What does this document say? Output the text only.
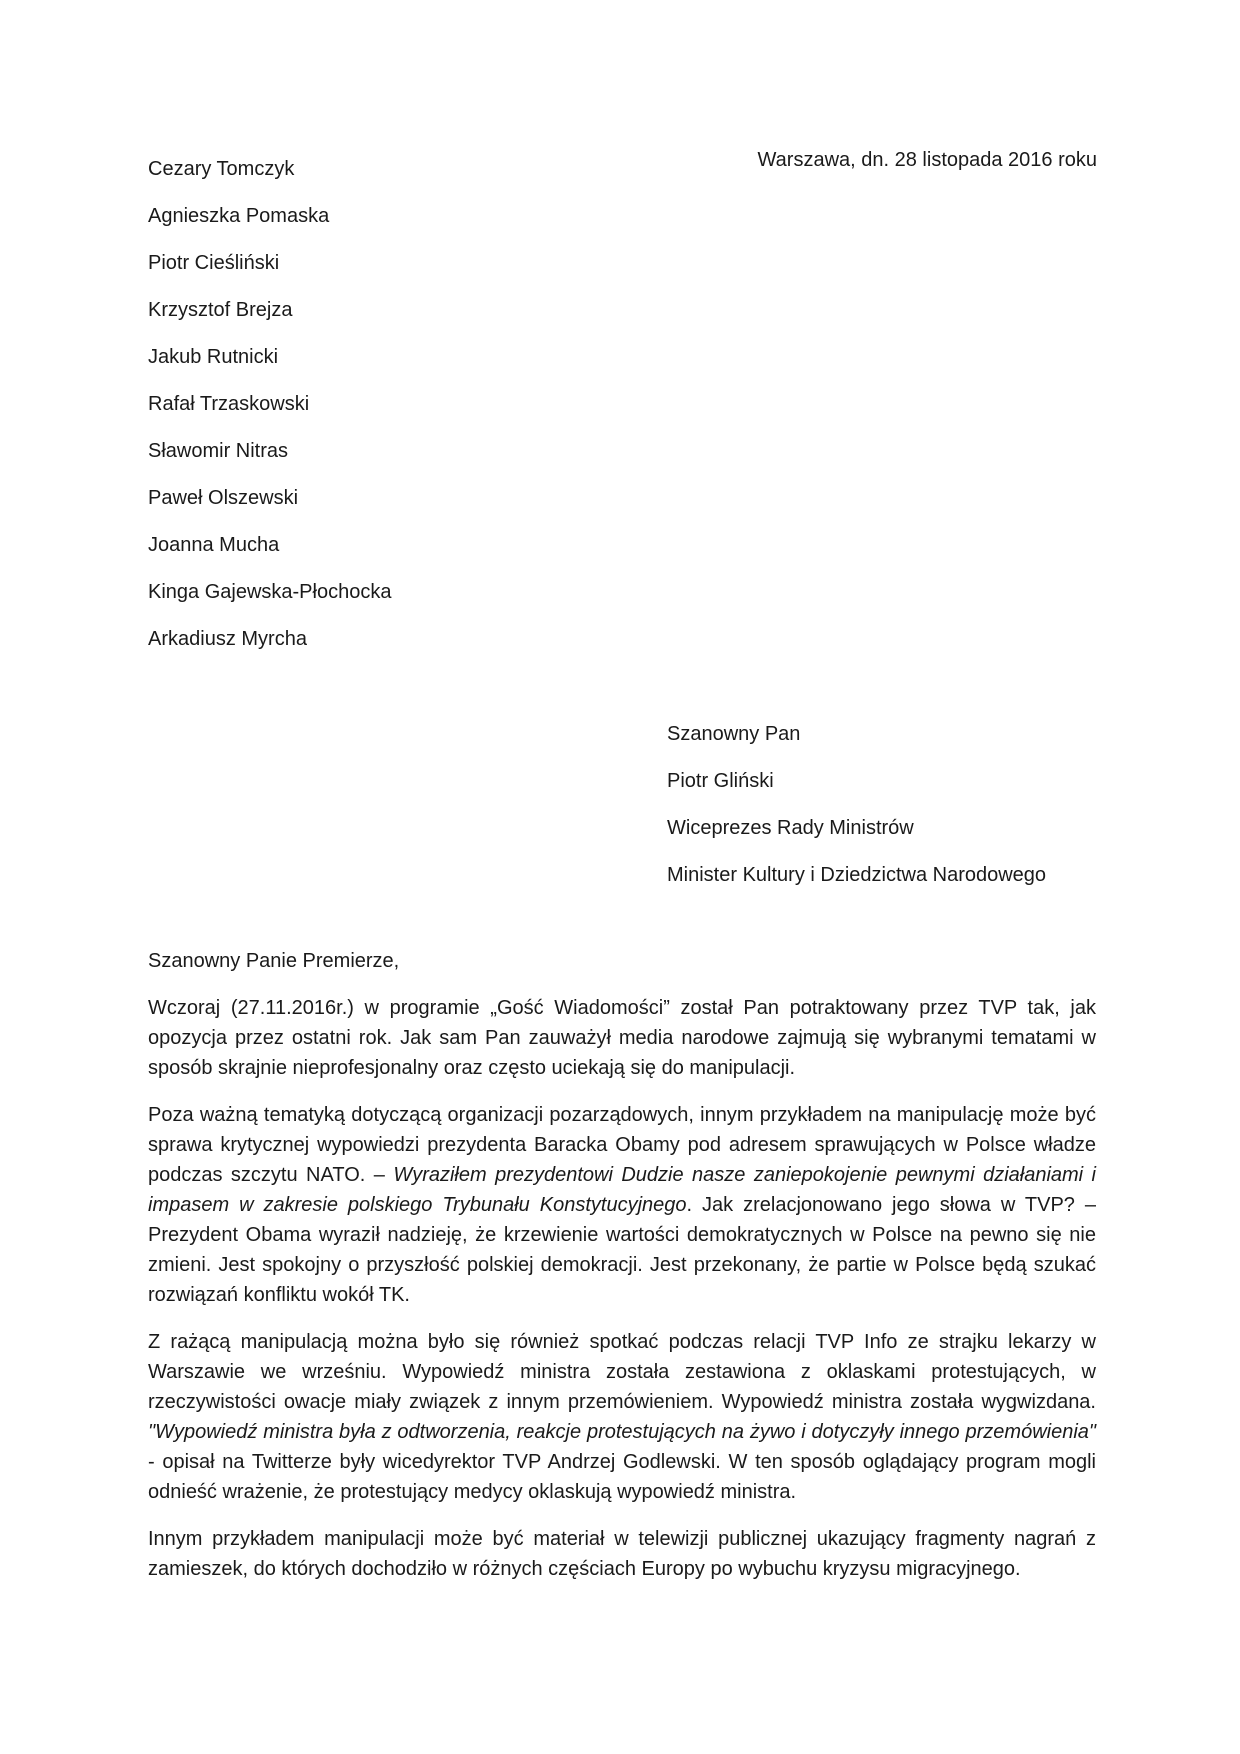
Cezary Tomczyk
Agnieszka Pomaska
Piotr Cieśliński
Krzysztof Brejza
Jakub Rutnicki
Rafał Trzaskowski
Sławomir Nitras
Paweł Olszewski
Joanna Mucha
Kinga Gajewska-Płochocka
Arkadiusz Myrcha
Warszawa, dn. 28 listopada 2016 roku
Szanowny Pan
Piotr Gliński
Wiceprezes Rady Ministrów
Minister Kultury i Dziedzictwa Narodowego
Szanowny Panie Premierze,

Wczoraj (27.11.2016r.) w programie „Gość Wiadomości” został Pan potraktowany przez TVP tak, jak opozycja przez ostatni rok. Jak sam Pan zauważył media narodowe zajmują się wybranymi tematami w sposób skrajnie nieprofesjonalny oraz często uciekają się do manipulacji.

Poza ważną tematyką dotyczącą organizacji pozarządowych, innym przykładem na manipulację może być sprawa krytycznej wypowiedzi prezydenta Baracka Obamy pod adresem sprawujących w Polsce władze podczas szczytu NATO. – Wyraziłem prezydentowi Dudzie nasze zaniepokojenie pewnymi działaniami i impasem w zakresie polskiego Trybunału Konstytucyjnego. Jak zrelacjonowano jego słowa w TVP? – Prezydent Obama wyraził nadzieję, że krzewienie wartości demokratycznych w Polsce na pewno się nie zmieni. Jest spokojny o przyszłość polskiej demokracji. Jest przekonany, że partie w Polsce będą szukać rozwiązań konfliktu wokół TK.

Z rażącą manipulacją można było się również spotkać podczas relacji TVP Info ze strajku lekarzy w Warszawie we wrześniu. Wypowiedź ministra została zestawiona z oklaskami protestujących, w rzeczywistości owacje miały związek z innym przemówieniem. Wypowiedź ministra została wygwizdana. "Wypowiedź ministra była z odtworzenia, reakcje protestujących na żywo i dotyczyły innego przemówienia" - opisał na Twitterze były wicedyrektor TVP Andrzej Godlewski. W ten sposób oglądający program mogli odnieść wrażenie, że protestujący medycy oklaskują wypowiedź ministra.

Innym przykładem manipulacji może być materiał w telewizji publicznej ukazujący fragmenty nagrań z zamieszek, do których dochodziło w różnych częściach Europy po wybuchu kryzysu migracyjnego.
